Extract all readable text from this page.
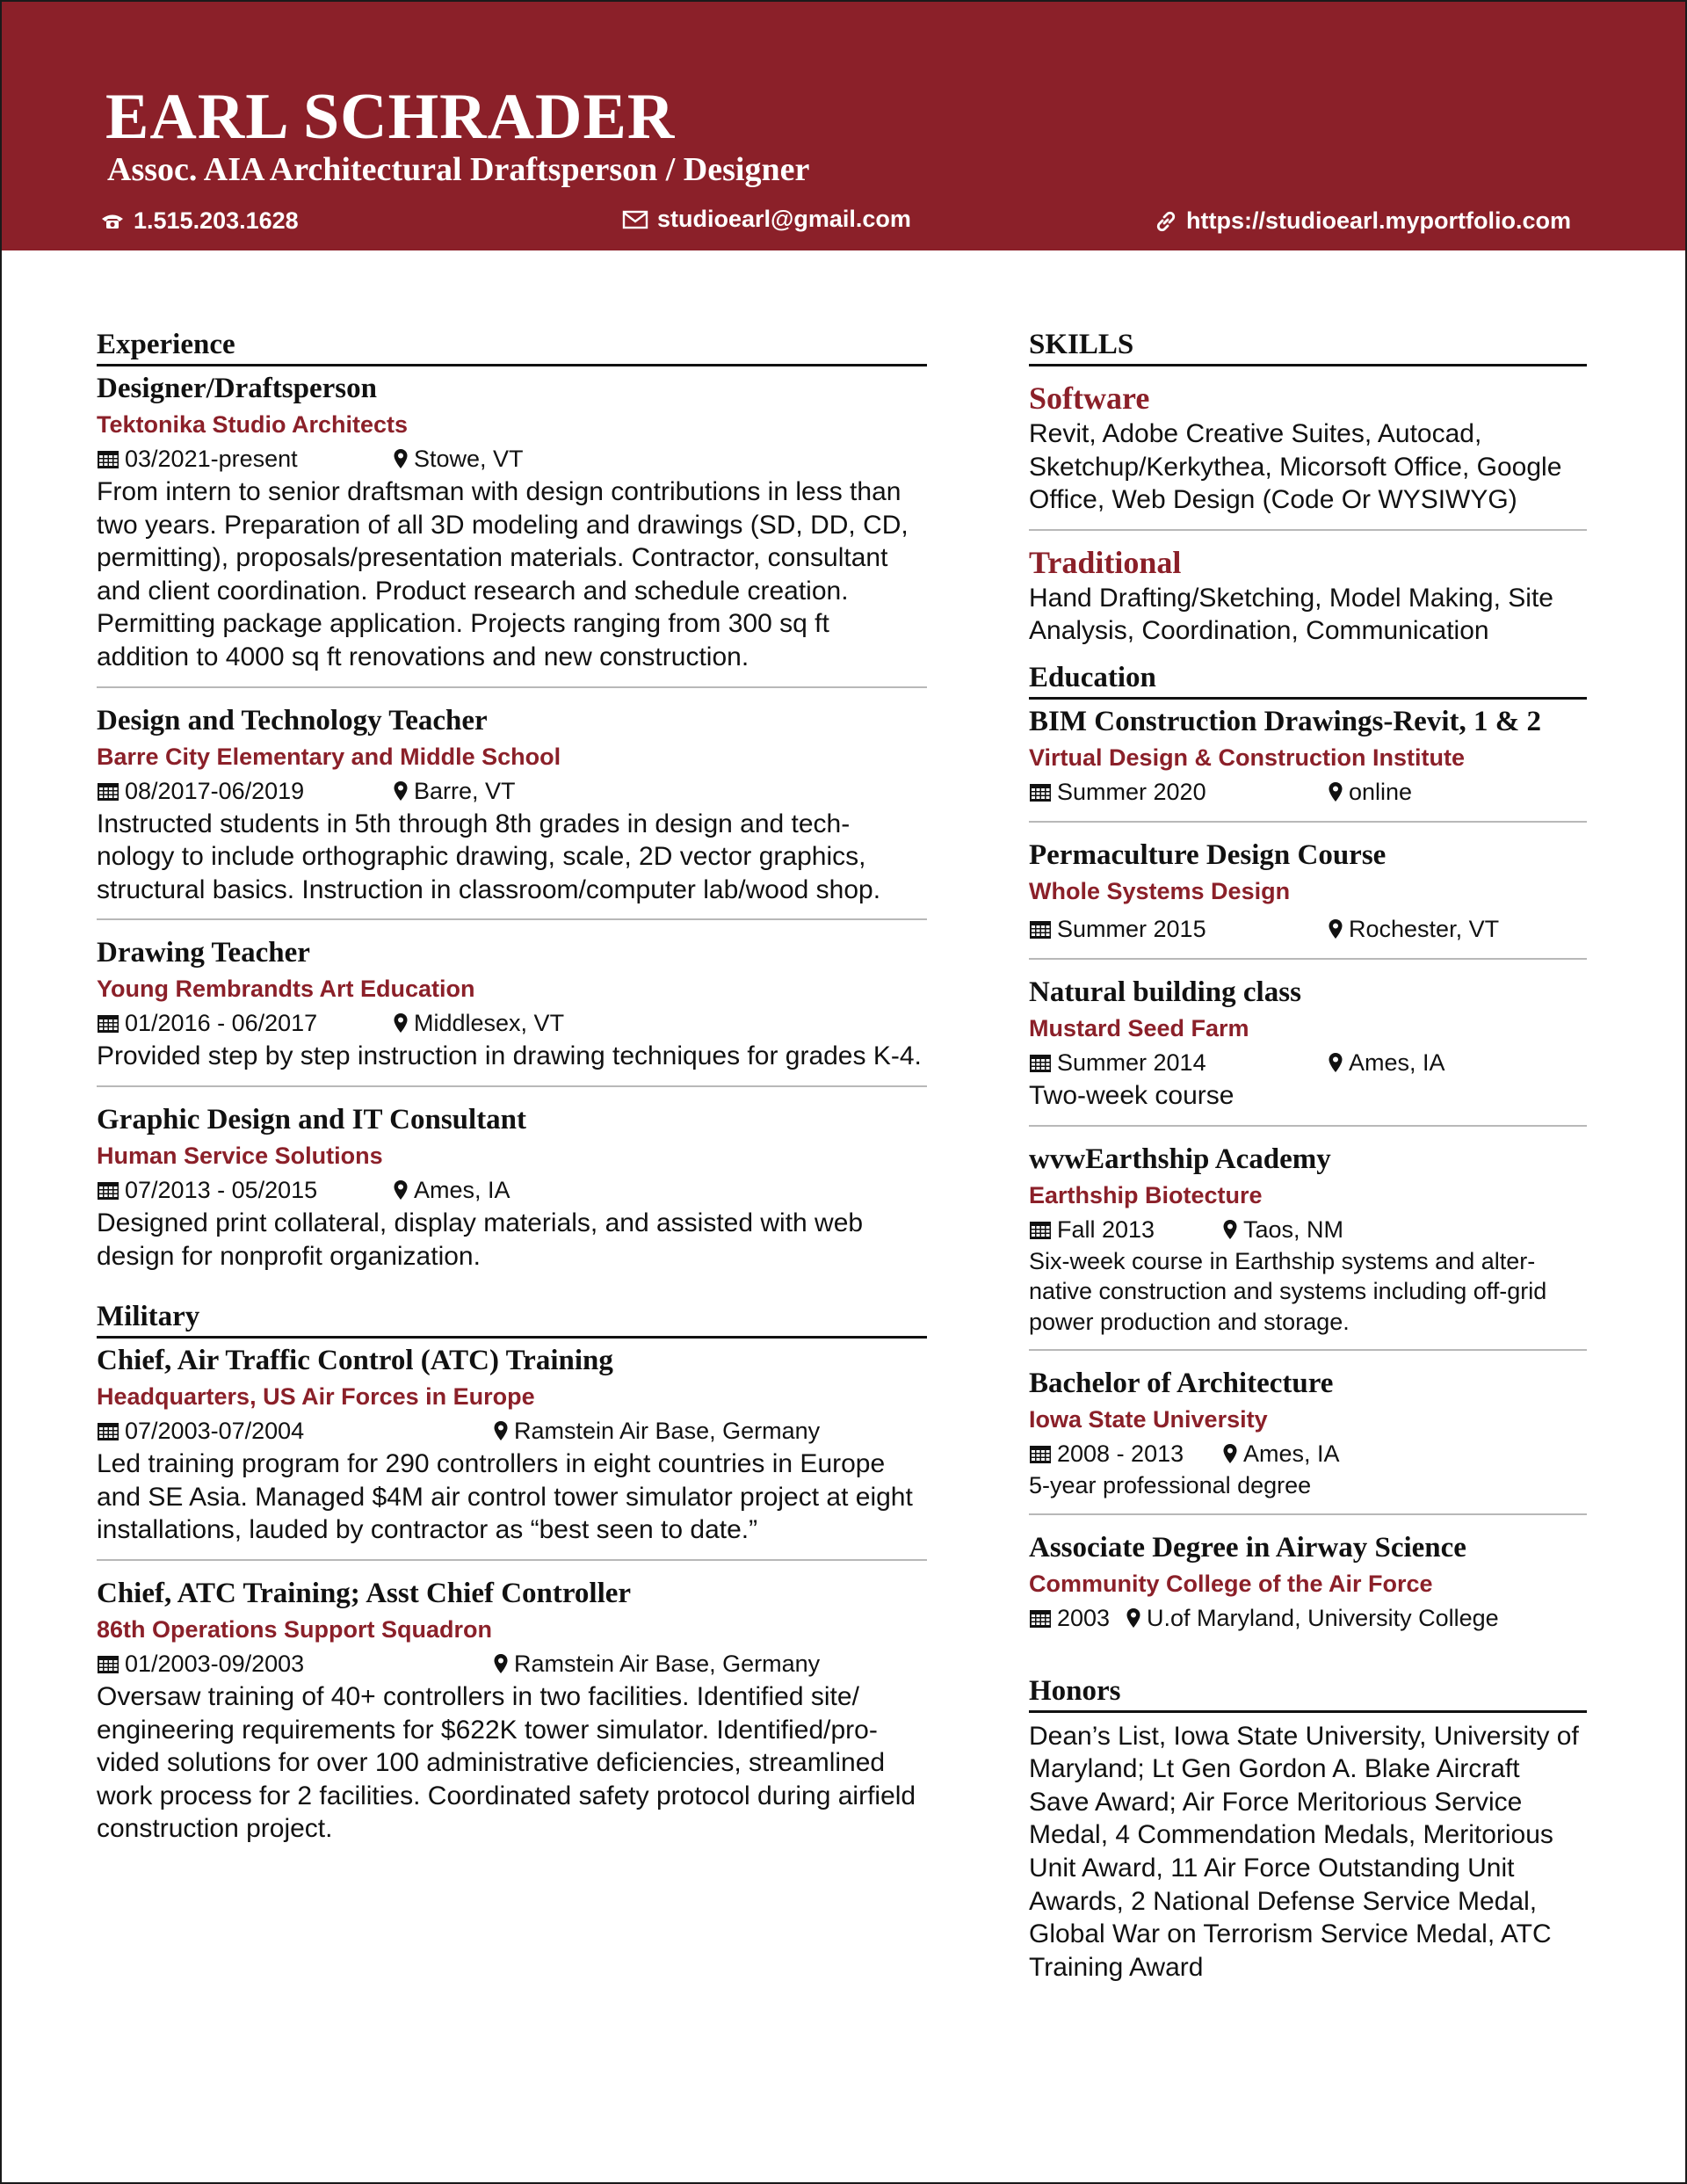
EARL SCHRADER
Assoc. AIA Architectural Draftsperson / Designer
1.515.203.1628	studioearl@gmail.com	https://studioearl.myportfolio.com
Experience
Designer/Draftsperson
Tektonika Studio Architects
03/2021-present	Stowe, VT
From intern to senior draftsman with design contributions in less than two years. Preparation of all 3D modeling and drawings (SD, DD, CD, permitting), proposals/presentation materials. Contractor, consultant and client coordination. Product research and schedule creation. Permitting package application. Projects ranging from 300 sq ft addition to 4000 sq ft renovations and new construction.
Design and Technology Teacher
Barre City Elementary and Middle School
08/2017-06/2019	Barre, VT
Instructed students in 5th through 8th grades in design and tech-nology to include orthographic drawing, scale, 2D vector graphics, structural basics. Instruction in classroom/computer lab/wood shop.
Drawing Teacher
Young Rembrandts Art Education
01/2016 - 06/2017	Middlesex, VT
Provided step by step instruction in drawing techniques for grades K-4.
Graphic Design and IT Consultant
Human Service Solutions
07/2013 - 05/2015	Ames, IA
Designed print collateral, display materials, and assisted with web design for nonprofit organization.
Military
Chief, Air Traffic Control (ATC) Training
Headquarters, US Air Forces in Europe
07/2003-07/2004	Ramstein Air Base, Germany
Led training program for 290 controllers in eight countries in Europe and SE Asia. Managed $4M air control tower simulator project at eight installations, lauded by contractor as “best seen to date.”
Chief, ATC Training; Asst Chief Controller
86th Operations Support Squadron
01/2003-09/2003	Ramstein Air Base, Germany
Oversaw training of 40+ controllers in two facilities. Identified site/ engineering requirements for $622K tower simulator. Identified/pro-vided solutions for over 100 administrative deficiencies, streamlined work process for 2 facilities. Coordinated safety protocol during airfield construction project.
SKILLS
Software
Revit, Adobe Creative Suites, Autocad, Sketchup/Kerkythea, Micorsoft Office, Google Office, Web Design (Code Or WYSIWYG)
Traditional
Hand Drafting/Sketching, Model Making, Site Analysis, Coordination, Communication
Education
BIM Construction Drawings-Revit, 1 & 2
Virtual Design & Construction Institute
Summer 2020	online
Permaculture Design Course
Whole Systems Design
Summer 2015	Rochester, VT
Natural building class
Mustard Seed Farm
Summer 2014	Ames, IA
Two-week course
wvwEarthship Academy
Earthship Biotecture
Fall 2013	Taos, NM
Six-week course in Earthship systems and alter-native construction and systems including off-grid power production and storage.
Bachelor of Architecture
Iowa State University
2008 - 2013	Ames, IA
5-year professional degree
Associate Degree in Airway Science
Community College of the Air Force
2003 U.of Maryland, University College
Honors
Dean’s List, Iowa State University, University of Maryland; Lt Gen Gordon A. Blake Aircraft Save Award; Air Force Meritorious Service Medal, 4 Commendation Medals, Meritorious Unit Award, 11 Air Force Outstanding Unit Awards, 2 National Defense Service Medal, Global War on Terrorism Service Medal, ATC Training Award
